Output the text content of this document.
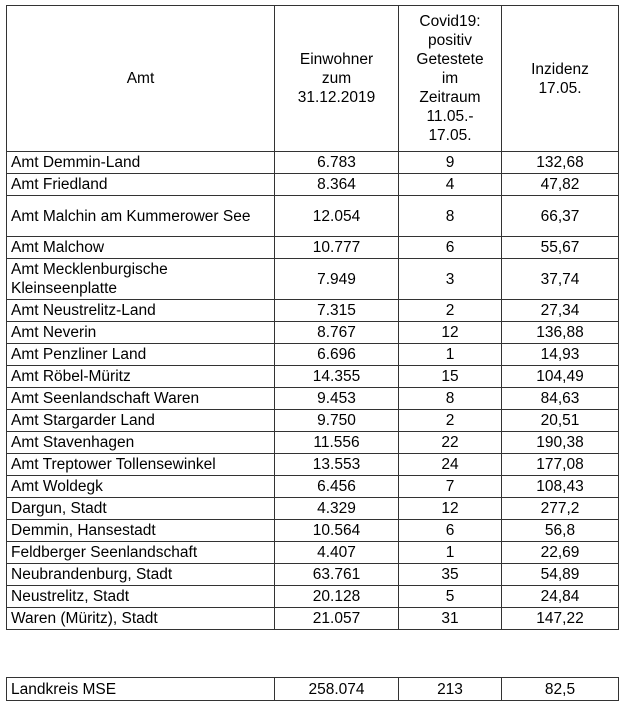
Amt	Einwohner zum 31.12.2019	Covid19: positiv Getestete im Zeitraum 11.05.- 17.05.	Inzidenz 17.05.
Amt Demmin-Land	6.783	9	132,68
Amt Friedland	8.364	4	47,82
Amt Malchin am Kummerower See	12.054	8	66,37
Amt Malchow	10.777	6	55,67
Amt Mecklenburgische Kleinseenplatte	7.949	3	37,74
Amt Neustrelitz-Land	7.315	2	27,34
Amt Neverin	8.767	12	136,88
Amt Penzliner Land	6.696	1	14,93
Amt Röbel-Müritz	14.355	15	104,49
Amt Seenlandschaft Waren	9.453	8	84,63
Amt Stargarder Land	9.750	2	20,51
Amt Stavenhagen	11.556	22	190,38
Amt Treptower Tollensewinkel	13.553	24	177,08
Amt Woldegk	6.456	7	108,43
Dargun, Stadt	4.329	12	277,2
Demmin, Hansestadt	10.564	6	56,8
Feldberger Seenlandschaft	4.407	1	22,69
Neubrandenburg, Stadt	63.761	35	54,89
Neustrelitz, Stadt	20.128	5	24,84
Waren (Müritz), Stadt	21.057	31	147,22
Landkreis MSE	258.074	213	82,5
